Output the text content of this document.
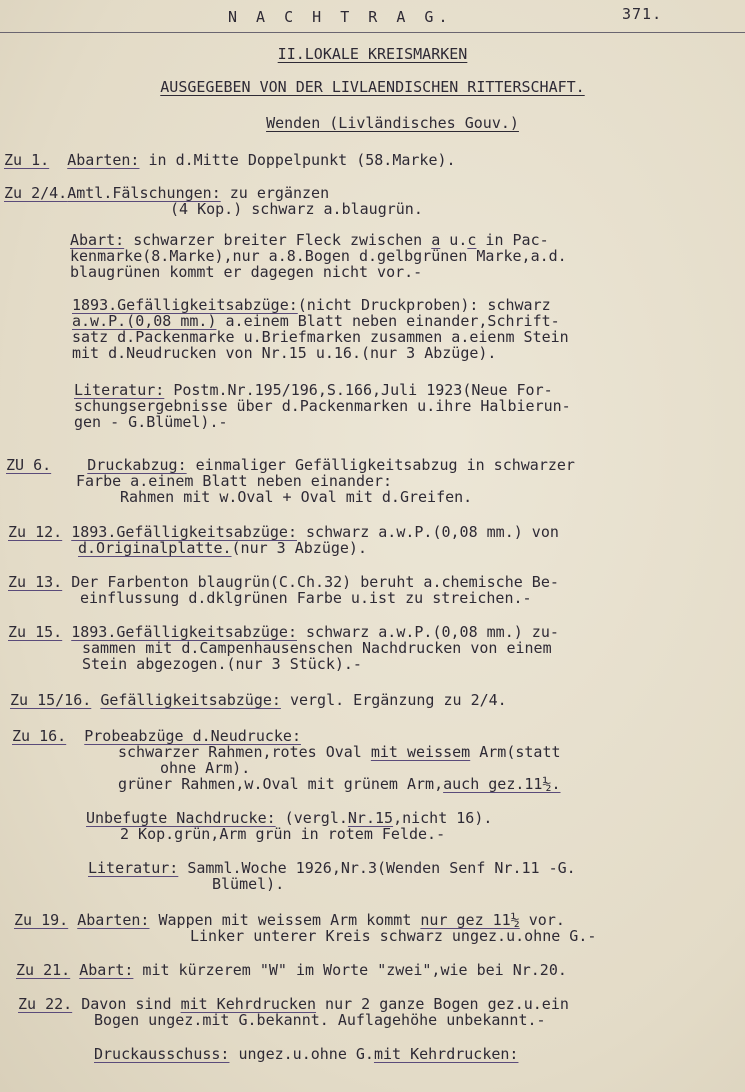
N A C H T R A G.	371.
II.LOKALE KREISMARKEN
AUSGEGEBEN VON DER LIVLAENDISCHEN RITTERSCHAFT.
Wenden (Livländisches Gouv.)
Zu 1. Abarten: in d.Mitte Doppelpunkt (58.Marke).
Zu 2/4.Amtl.Fälschungen: zu ergänzen
(4 Kop.) schwarz a.blaugrün.
Abart: schwarzer breiter Fleck zwischen a u.c in Pac-
kenmarke(8.Marke),nur a.8.Bogen d.gelbgrünen Marke,a.d.
blaugrünen kommt er dagegen nicht vor.-
1893.Gefälligkeitsabzüge:(nicht Druckproben): schwarz
a.w.P.(0,08 mm.) a.einem Blatt neben einander,Schrift-
satz d.Packenmarke u.Briefmarken zusammen a.eienm Stein
mit d.Neudrucken von Nr.15 u.16.(nur 3 Abzüge).
Literatur: Postm.Nr.195/196,S.166,Juli 1923(Neue For-
schungsergebnisse über d.Packenmarken u.ihre Halbierun-
gen - G.Blümel).-
ZU 6. Druckabzug: einmaliger Gefälligkeitsabzug in schwarzer
Farbe a.einem Blatt neben einander:
Rahmen mit w.Oval + Oval mit d.Greifen.
Zu 12. 1893.Gefälligkeitsabzüge: schwarz a.w.P.(0,08 mm.) von
d.Originalplatte.(nur 3 Abzüge).
Zu 13. Der Farbenton blaugrün(C.Ch.32) beruht a.chemische Be-
einflussung d.dklgrünen Farbe u.ist zu streichen.-
Zu 15. 1893.Gefälligkeitsabzüge: schwarz a.w.P.(0,08 mm.) zu-
sammen mit d.Campenhausenschen Nachdrucken von einem
Stein abgezogen.(nur 3 Stück).-
Zu 15/16. Gefälligkeitsabzüge: vergl. Ergänzung zu 2/4.
Zu 16. Probeabzüge d.Neudrucke:
schwarzer Rahmen,rotes Oval mit weissem Arm(statt
ohne Arm).
grüner Rahmen,w.Oval mit grünem Arm,auch gez.11½.
Unbefugte Nachdrucke: (vergl.Nr.15,nicht 16).
2 Kop.grün,Arm grün in rotem Felde.-
Literatur: Samml.Woche 1926,Nr.3(Wenden Senf Nr.11 -G.
Blümel).
Zu 19. Abarten: Wappen mit weissem Arm kommt nur gez 11½ vor.
Linker unterer Kreis schwarz ungez.u.ohne G.-
Zu 21. Abart: mit kürzerem "W" im Worte "zwei",wie bei Nr.20.
Zu 22. Davon sind mit Kehrdrucken nur 2 ganze Bogen gez.u.ein
Bogen ungez.mit G.bekannt. Auflagehöhe unbekannt.-
Druckausschuss: ungez.u.ohne G.mit Kehrdrucken:
